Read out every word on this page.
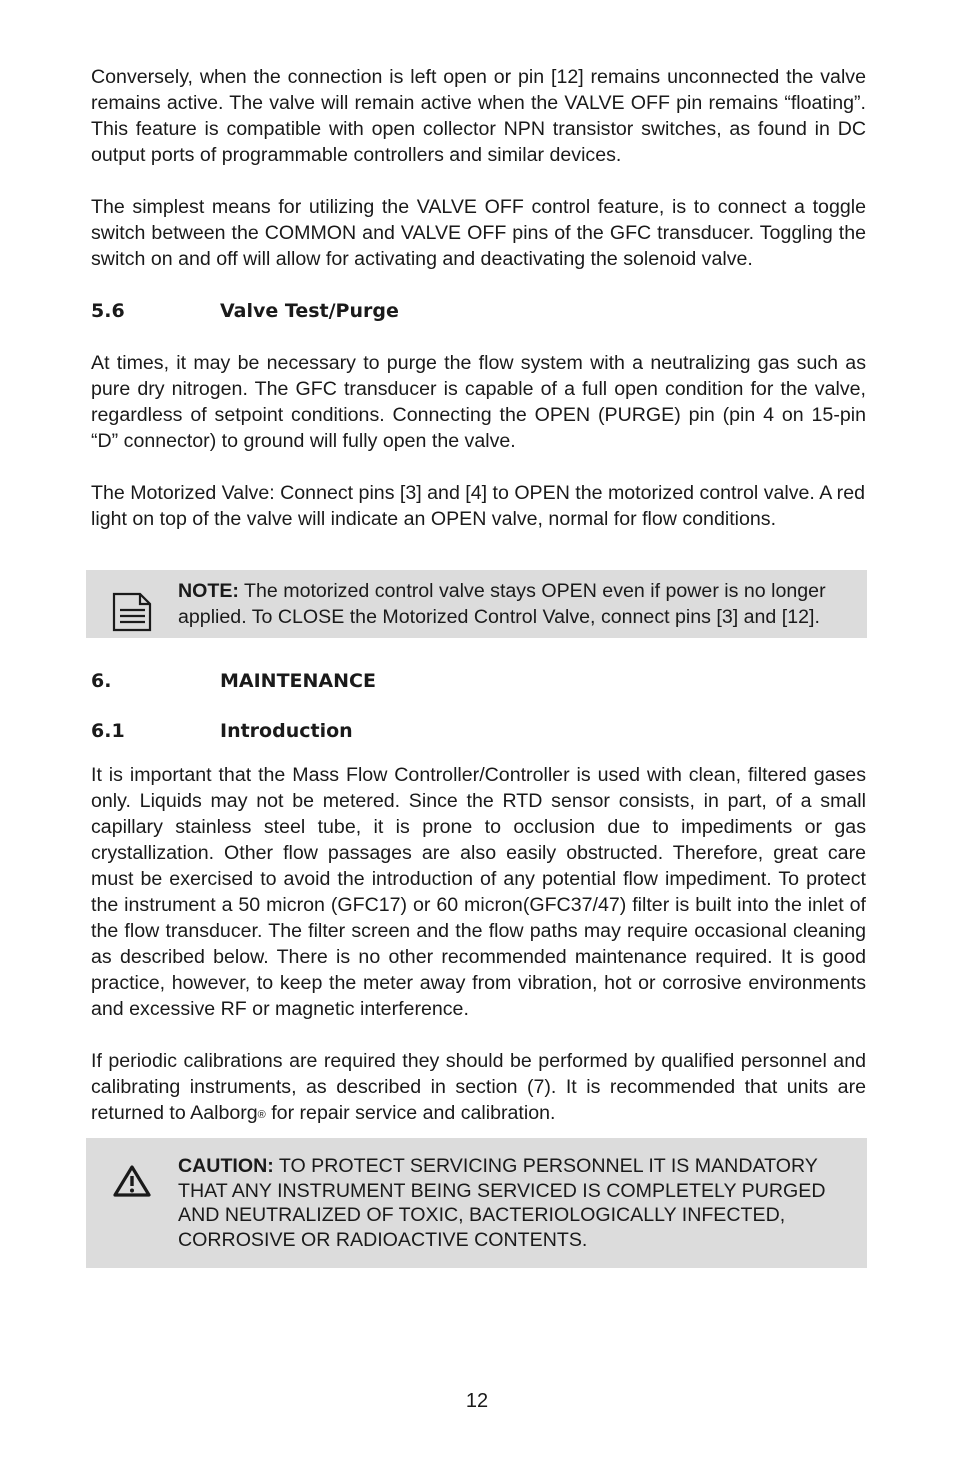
Conversely, when the connection is left open or pin [12] remains unconnected the valve remains active. The valve will remain active when the VALVE OFF pin remains “floating”. This feature is compatible with open collector NPN transistor switches, as found in DC output ports of programmable controllers and similar devices.

The simplest means for utilizing the VALVE OFF control feature, is to connect a toggle switch between the COMMON and VALVE OFF pins of the GFC transducer. Toggling the switch on and off will allow for activating and deactivating the solenoid valve.

5.6	Valve Test/Purge

At times, it may be necessary to purge the flow system with a neutralizing gas such as pure dry nitrogen. The GFC transducer is capable of a full open condition for the valve, regardless of setpoint conditions. Connecting the OPEN (PURGE) pin (pin 4 on 15-pin “D” connector) to ground will fully open the valve.

The Motorized Valve: Connect pins [3] and [4] to OPEN the motorized control valve. A red light on top of the valve will indicate an OPEN valve, normal for flow conditions.

NOTE: The motorized control valve stays OPEN even if power is no longer applied. To CLOSE the Motorized Control Valve, connect pins [3] and [12].
6.	MAINTENANCE
6.1	Introduction

It is important that the Mass Flow Controller/Controller is used with clean, filtered gases only. Liquids may not be metered. Since the RTD sensor consists, in part, of a small capillary stainless steel tube, it is prone to occlusion due to impediments or gas crystallization. Other flow passages are also easily obstructed. Therefore, great care must be exercised to avoid the introduction of any potential flow impediment. To protect the instrument a 50 micron (GFC17) or 60 micron(GFC37/47) filter is built into the inlet of the flow transducer. The filter screen and the flow paths may require occasional cleaning as described below. There is no other recommended maintenance required. It is good practice, however, to keep the meter away from vibration, hot or corrosive environments and excessive RF or magnetic interference.

If periodic calibrations are required they should be performed by qualified personnel and calibrating instruments, as described in section (7). It is recommended that units are returned to Aalborg® for repair service and calibration.

CAUTION: TO PROTECT SERVICING PERSONNEL IT IS MANDATORY THAT ANY INSTRUMENT BEING SERVICED IS COMPLETELY PURGED AND NEUTRALIZED OF TOXIC, BACTERIOLOGICALLY INFECTED, CORROSIVE OR RADIOACTIVE CONTENTS.
12
